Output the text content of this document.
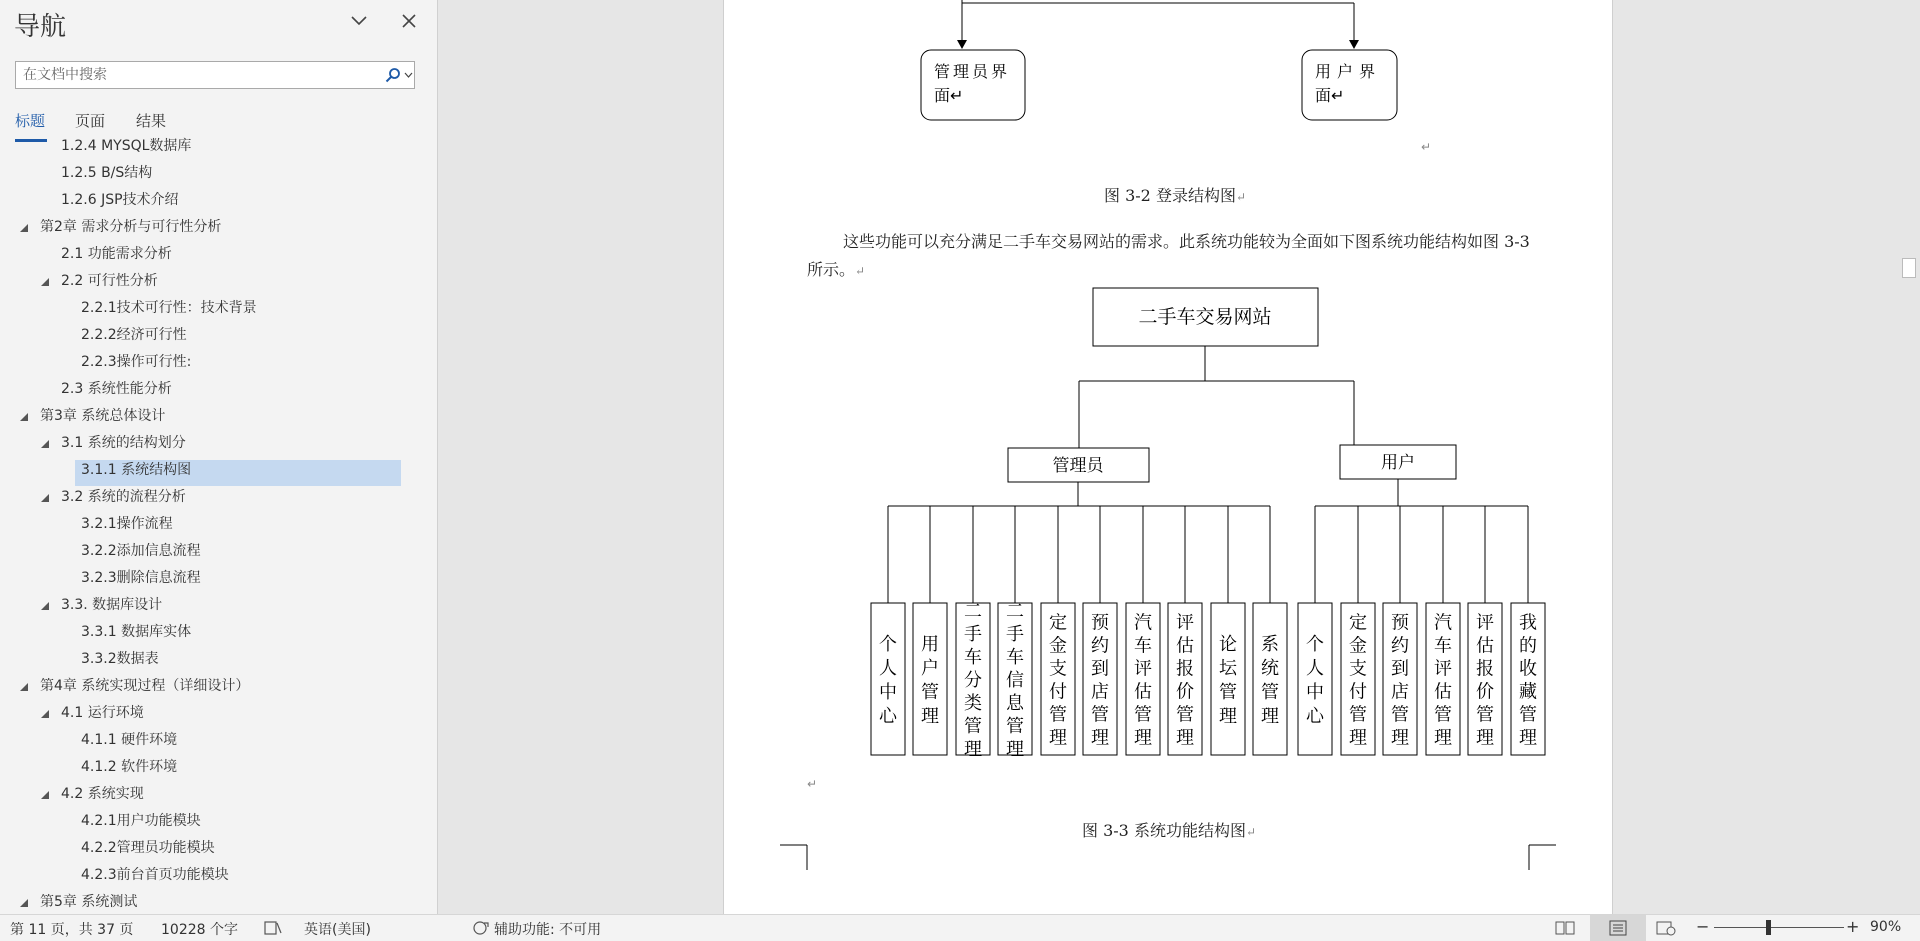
导航
在文档中搜索
标题 页面 结果
1.2.4 MYSQL数据库
1.2.5 B/S结构
1.2.6 JSP技术介绍
第2章 需求分析与可行性分析
2.1 功能需求分析
2.2 可行性分析
2.2.1技术可行性：技术背景
2.2.2经济可行性
2.2.3操作可行性:
2.3 系统性能分析
第3章 系统总体设计
3.1 系统的结构划分
3.1.1 系统结构图
3.2 系统的流程分析
3.2.1操作流程
3.2.2添加信息流程
3.2.3删除信息流程
3.3. 数据库设计
3.3.1 数据库实体
3.3.2数据表
第4章 系统实现过程（详细设计）
4.1 运行环境
4.1.1 硬件环境
4.1.2 软件环境
4.2 系统实现
4.2.1用户功能模块
4.2.2管理员功能模块
4.2.3前台首页功能模块
第5章 系统测试
管理员界
面↵
用户界
面↵
二手车交易网站
管理员	用户
个
人
中
心
用
户
管
理
二
手
车
分
类
管
理
二
手
车
信
息
管
理
定
金
支
付
管
理
预
约
到
店
管
理
汽
车
评
估
管
理
评
估
报
价
管
理
论
坛
管
理
系
统
管
理
个
人
中
心
定
金
支
付
管
理
预
约
到
店
管
理
汽
车
评
估
管
理
评
估
报
价
管
理
我
的
收
藏
管
理
图 3-2 登录结构图↵
这些功能可以充分满足二手车交易网站的需求。此系统功能较为全面如下图系统功能结构如图 3-3 所示。↵
图 3-3 系统功能结构图↵
↵
↵
第 11 页，共 37 页 10228 个字	英语(美国)	辅助功能: 不可用	−	+ 90%
